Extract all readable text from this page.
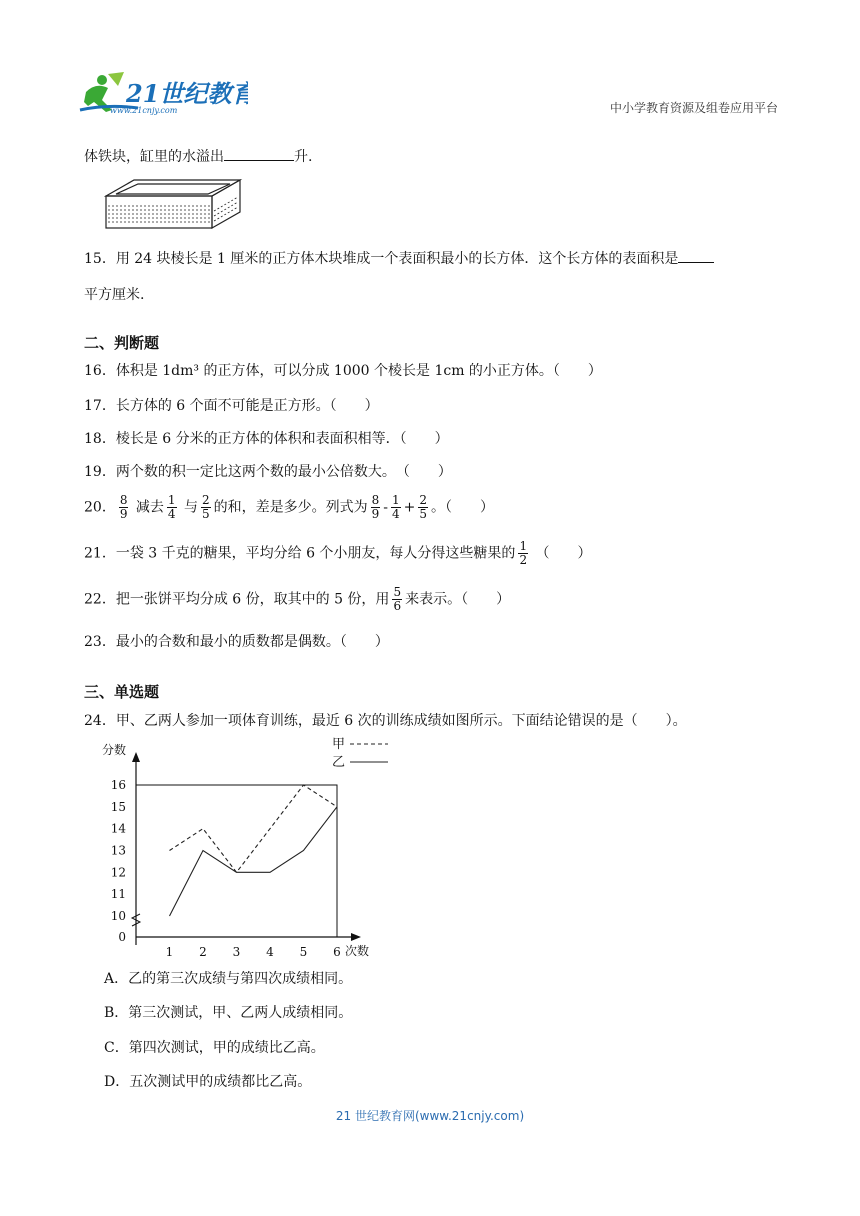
21世纪教育
www.21cnjy.com	中小学教育资源及组卷应用平台
体铁块，缸里的水溢出	升.
15．用 24 块棱长是 1 厘米的正方体木块堆成一个表面积最小的长方体．这个长方体的表面积是
平方厘米.
二、判断题
16．体积是 1dm³ 的正方体，可以分成 1000 个棱长是 1cm 的小正方体。（　　）
17．长方体的 6 个面不可能是正方形。（　　）
18．棱长是 6 分米的正方体的体积和表面积相等．（　　）
19．两个数的积一定比这两个数的最小公倍数大。　（　　）
20． $\frac{8}{9}$ 减去 $\frac{1}{4}$ 与 $\frac{2}{5}$ 的和，差是多少。列式为 $\frac{8}{9} - \frac{1}{4} + \frac{2}{5}$ 。（　　）
21．一袋 3 千克的糖果，平均分给 6 个小朋友，每人分得这些糖果的 $\frac{1}{2}$ （　　）
22．把一张饼平均分成 6 份，取其中的 5 份，用 $\frac{5}{6}$ 来表示。（　　）
23．最小的合数和最小的质数都是偶数。（　　）
三、单选题
24．甲、乙两人参加一项体育训练，最近 6 次的训练成绩如图所示。下面结论错误的是（　　）。
分数
次数
0
10
11
12
13
14
15
16
1 2 3 4 5 6
甲
乙
A．乙的第三次成绩与第四次成绩相同。
B．第三次测试，甲、乙两人成绩相同。
C．第四次测试，甲的成绩比乙高。
D．五次测试甲的成绩都比乙高。
21 世纪教育网(www.21cnjy.com)
